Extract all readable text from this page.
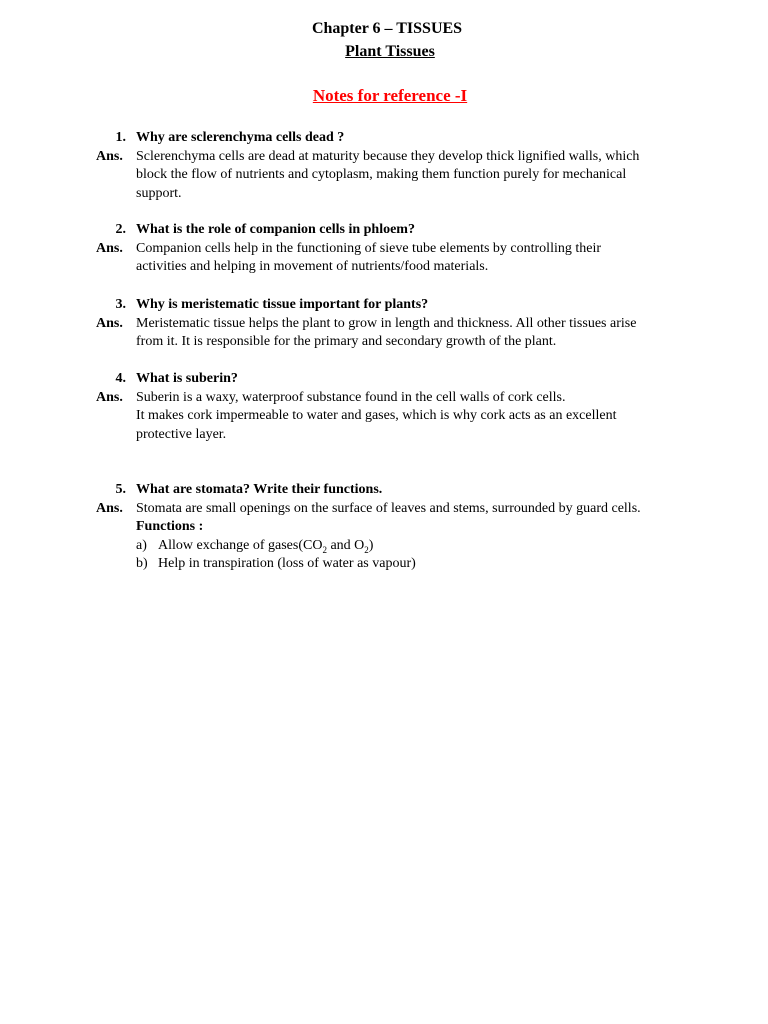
Chapter 6 – TISSUES
Plant Tissues
Notes for reference -I
1. Why are sclerenchyma cells dead ?
Ans. Sclerenchyma cells are dead at maturity because they develop thick lignified walls, which
block the flow of nutrients and cytoplasm, making them function purely for mechanical
support.
2. What is the role of companion cells in phloem?
Ans. Companion cells help in the functioning of sieve tube elements by controlling their
activities and helping in movement of nutrients/food materials.
3. Why is meristematic tissue important for plants?
Ans. Meristematic tissue helps the plant to grow in length and thickness. All other tissues arise
from it. It is responsible for the primary and secondary growth of the plant.
4. What is suberin?
Ans. Suberin is a waxy, waterproof substance found in the cell walls of cork cells.
It makes cork impermeable to water and gases, which is why cork acts as an excellent
protective layer.
5. What are stomata? Write their functions.
Ans. Stomata are small openings on the surface of leaves and stems, surrounded by guard cells.
Functions :
a) Allow exchange of $gases(CO_2$ and $O_2$)
b) Help in transpiration (loss of water as vapour)
